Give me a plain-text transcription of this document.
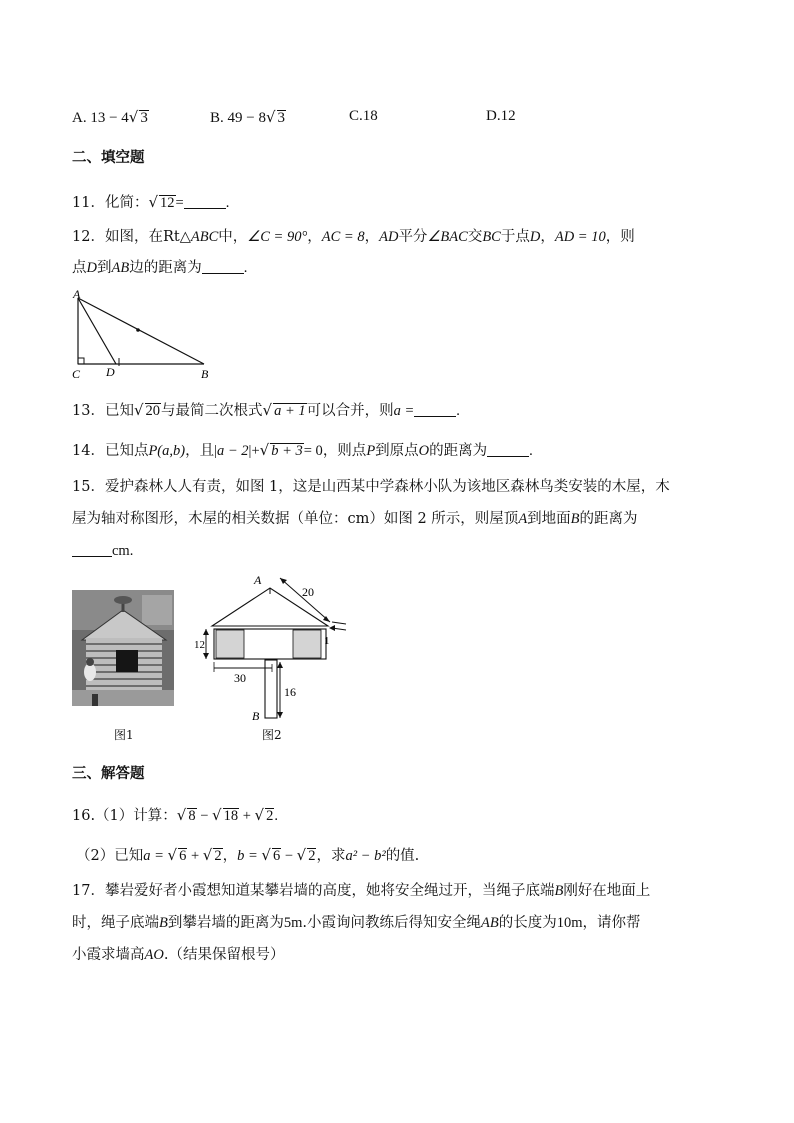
A. 13 − 4√ 3	B. 49 − 8√ 3	C.18	D.12
二、填空题
11．化简：√ 12=	.
12．如图，在Rt△ABC中，∠C = 90°，AC = 8，AD平分∠BAC交BC于点D，AD = 10，则
点D到AB边的距离为	.
A
C D	B
13．已知√ 20与最简二次根式√ a + 1可以合并，则a =	.
14．已知点P(a,b)，且|a − 2|+√ b + 3= 0，则点P到原点O的距离为	.
15．爱护森林人人有责，如图 1，这是山西某中学森林小队为该地区森林鸟类安装的木屋，木
屋为轴对称图形，木屋的相关数据（单位：cm）如图 2 所示，则屋顶A到地面B的距离为
cm.
图1
A
20
12	1
30
16
B
图2
三、解答题
16.（1）计算：√ 8 − √ 18 + √ 2.
（2）已知a = √ 6 + √ 2，b = √ 6 − √ 2，求a² − b²的值.
17．攀岩爱好者小霞想知道某攀岩墙的高度，她将安全绳过开，当绳子底端B刚好在地面上
时，绳子底端B到攀岩墙的距离为5m.小霞询问教练后得知安全绳AB的长度为10m，请你帮
小霞求墙高AO.（结果保留根号）
